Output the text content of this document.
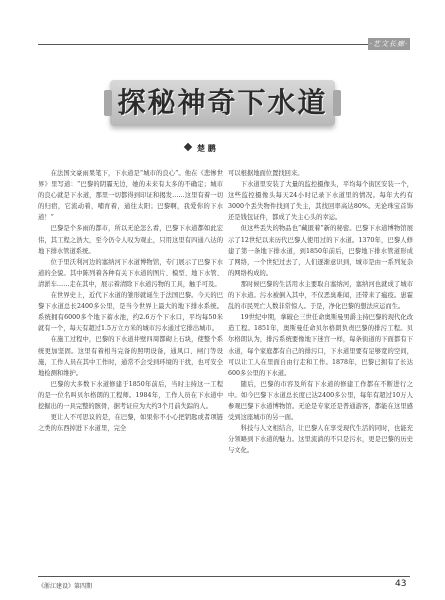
·艺文长廊·
探秘神奇下水道
楚 鹏

在法国文豪雨果笔下，下水道是“城市的良心”。他在《悲惨世界》里写道：“巴黎的阴霾无边，她的未来有太多的不确定；城市的良心就是下水道，那里一切都得到印证和揭发……这里有着一切的归宿，它流动着，哺育着，通往太阳；巴黎啊，我爱你的下水道！”

巴黎是个多雨的都市，所以无论怎么看，巴黎下水道都如此宏伟，其工程之浩大，至今仍令人叹为观止，只用这里有四通八达的地下排水管道系统。

位于里沃利河边的塞纳河下水道博物馆，专门展示了巴黎下水道的全貌。其中陈列着各种有关下水道的图片、模型、地下水管、清淤车……走在其中，展示着清除下水道污物的工具，触手可及。

在世界史上，近代下水道的雏形就诞生于法国巴黎。今天的巴黎下水道总长2400多公里，是当今世界上最大的地下排水系统。系统拥有6000多个地下蓄水池，约2.6万个下水口，平均每50米就有一个，每天有超过1.5万立方米的城市污水通过它排出城市。

在施工过程中，巴黎的下水道井壁四周都砌上石块，使整个系统更加坚固。这里有着相当完备的照明设备，通风口、闸门等设施，工作人员在其中工作时，通常不会受到环境的干扰，也可安全地检测和维护。

巴黎的大多数下水道修建于1850年前后，当时主持这一工程的是一位名叫贝尔格朗的工程师。1984年，工作人员在下水道中挖掘出的一具完整的骸骨，据考证应为大约3个月前失踪的人。

更让人不可思议的是，在巴黎，如果你不小心把钥匙或者项链之类的东西掉进下水道里，完全

可以根据地面位置找回来。

下水道里安装了大量的监控摄像头，平均每个街区安装一个，这些监控摄像头每天24小时记录下水道里的情况。每年大约有3000个丢失物件找到了失主，其找回率高达80%。无论珠宝首饰还是钱包证件，都成了失主心头的幸运。

但这些丢失的物品也“藏匿着”新的秘密。巴黎下水道博物馆展示了12世纪以来历代巴黎人使用过的下水道。1370年，巴黎人修建了第一条地下排水道，到1850年前后，巴黎地下排水管道形成了网络，一个世纪过去了，人们逐渐意识到，城市是由一系列复杂的网络构成的。

那时候巴黎的生活用水主要取自塞纳河，塞纳河也就成了城市的下水道。污水被倒入其中，不仅恶臭难闻，还带来了瘟疫。患霍乱的市民死亡人数非常惊人。于是，净化巴黎的想法应运而生。

19世纪中期，拿破仑三世任命奥斯曼男爵主持巴黎的现代化改造工程。1851年，奥斯曼任命贝尔格朗负责巴黎的排污工程。贝尔格朗认为，排污系统要像地下迷宫一样，每条街道的下面都有下水道，每个家庭都有自己的排污口，下水道里要有足够宽的空间，可以让工人在里面自由行走和工作。1878年，巴黎已拥有了长达600多公里的下水道。

随后，巴黎的市容及所有下水道的修建工作都在不断进行之中。如今巴黎下水道总长度已达2400多公里，每年有超过10万人参观巴黎下水道博物馆。无论是专家还是普通游客，都能在这里感受到这座城市的另一面。

科技与人文相结合，让巴黎人在享受现代生活的同时，也能充分领略到下水道的魅力。这里流淌的不只是污水，更是巴黎的历史与文化。

《浙江建设》第四期	43
